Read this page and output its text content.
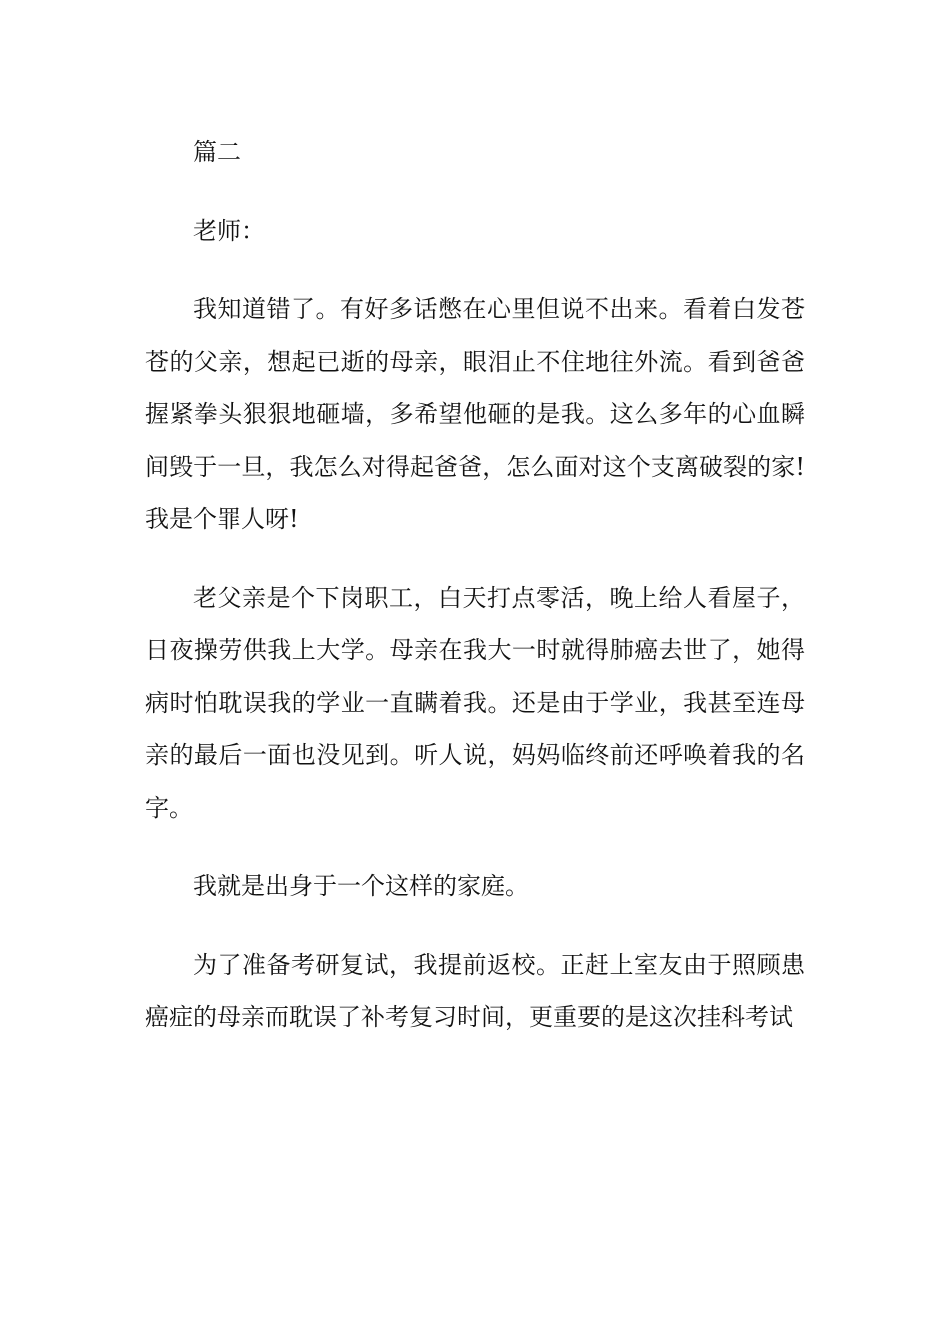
篇二

老师：

我知道错了。有好多话憋在心里但说不出来。看着白发苍苍的父亲，想起已逝的母亲，眼泪止不住地往外流。看到爸爸握紧拳头狠狠地砸墙，多希望他砸的是我。这么多年的心血瞬间毁于一旦，我怎么对得起爸爸，怎么面对这个支离破裂的家!我是个罪人呀!

老父亲是个下岗职工，白天打点零活，晚上给人看屋子，日夜操劳供我上大学。母亲在我大一时就得肺癌去世了，她得病时怕耽误我的学业一直瞒着我。还是由于学业，我甚至连母亲的最后一面也没见到。听人说，妈妈临终前还呼唤着我的名字。

我就是出身于一个这样的家庭。

为了准备考研复试，我提前返校。正赶上室友由于照顾患癌症的母亲而耽误了补考复习时间，更重要的是这次挂科考试
